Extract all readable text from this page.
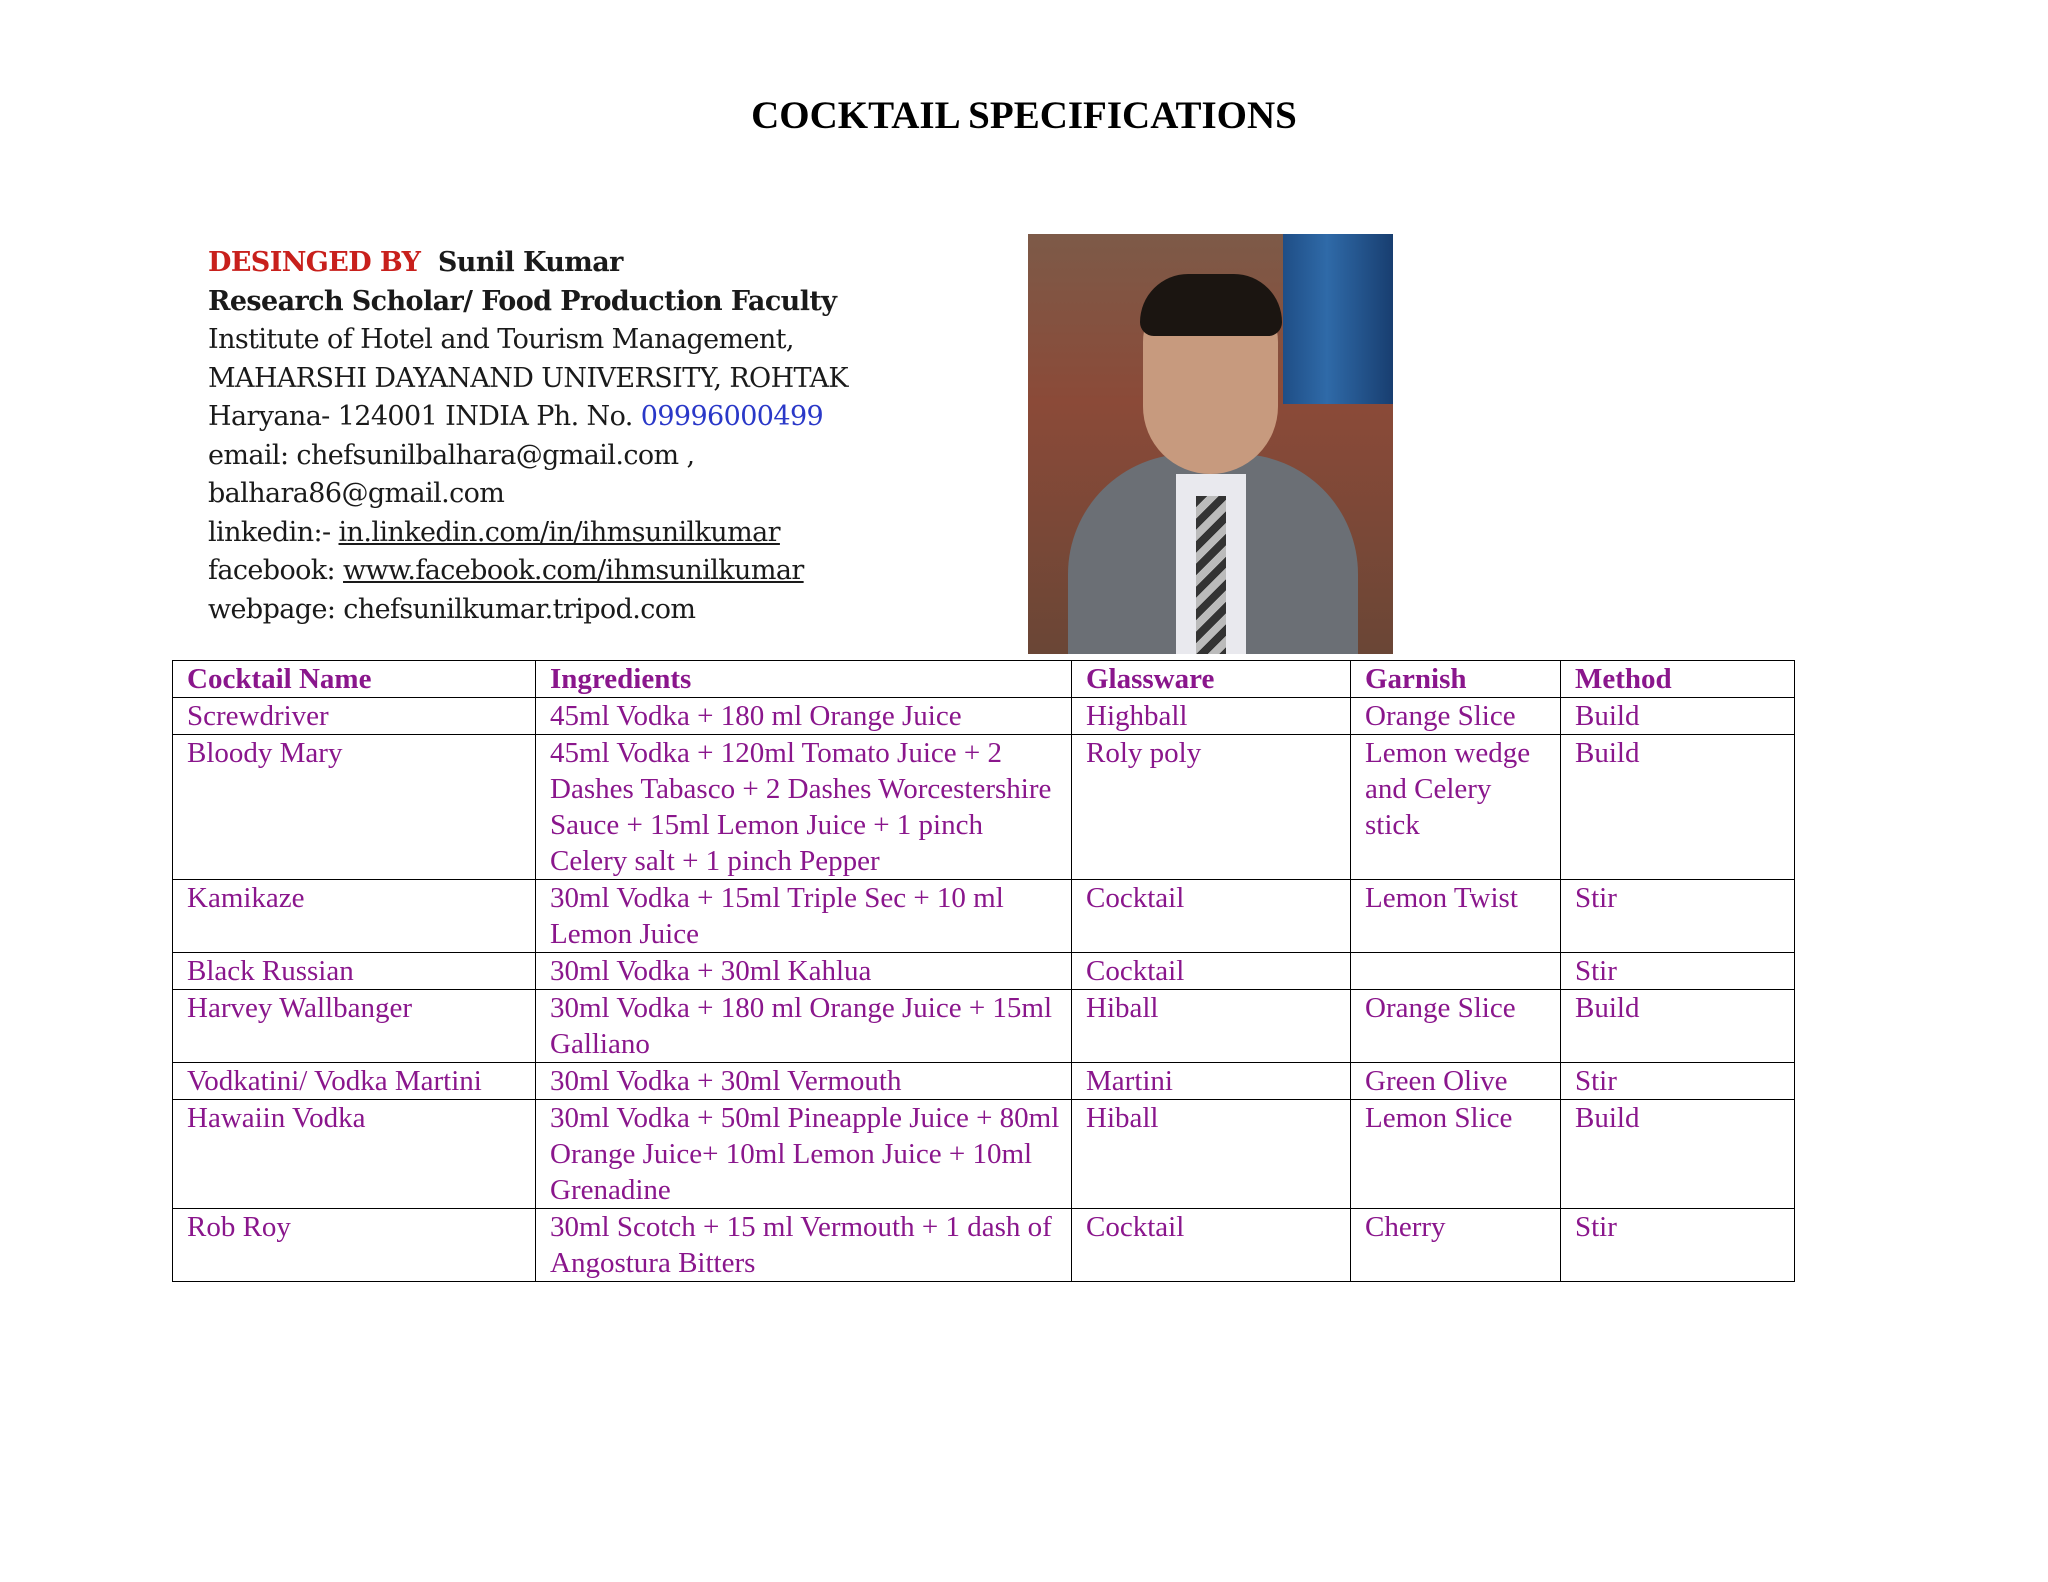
COCKTAIL SPECIFICATIONS
DESINGED BY Sunil Kumar
Research Scholar/ Food Production Faculty
Institute of Hotel and Tourism Management,
MAHARSHI DAYANAND UNIVERSITY, ROHTAK
Haryana- 124001 INDIA Ph. No. 09996000499
email: chefsunilbalhara@gmail.com ,
balhara86@gmail.com
linkedin:- in.linkedin.com/in/ihmsunilkumar
facebook: www.facebook.com/ihmsunilkumar
webpage: chefsunilkumar.tripod.com
Cocktail Name	Ingredients	Glassware	Garnish	Method
Screwdriver	45ml Vodka + 180 ml Orange Juice	Highball	Orange Slice	Build
Bloody Mary	45ml Vodka + 120ml Tomato Juice + 2 Dashes Tabasco + 2 Dashes Worcestershire Sauce + 15ml Lemon Juice + 1 pinch Celery salt + 1 pinch Pepper	Roly poly	Lemon wedge and Celery stick	Build
Kamikaze	30ml Vodka + 15ml Triple Sec + 10 ml Lemon Juice	Cocktail	Lemon Twist	Stir
Black Russian	30ml Vodka + 30ml Kahlua	Cocktail		Stir
Harvey Wallbanger	30ml Vodka + 180 ml Orange Juice + 15ml Galliano	Hiball	Orange Slice	Build
Vodkatini/ Vodka Martini	30ml Vodka + 30ml Vermouth	Martini	Green Olive	Stir
Hawaiin Vodka	30ml Vodka + 50ml Pineapple Juice + 80ml Orange Juice+ 10ml Lemon Juice + 10ml Grenadine	Hiball	Lemon Slice	Build
Rob Roy	30ml Scotch + 15 ml Vermouth + 1 dash of Angostura Bitters	Cocktail	Cherry	Stir
